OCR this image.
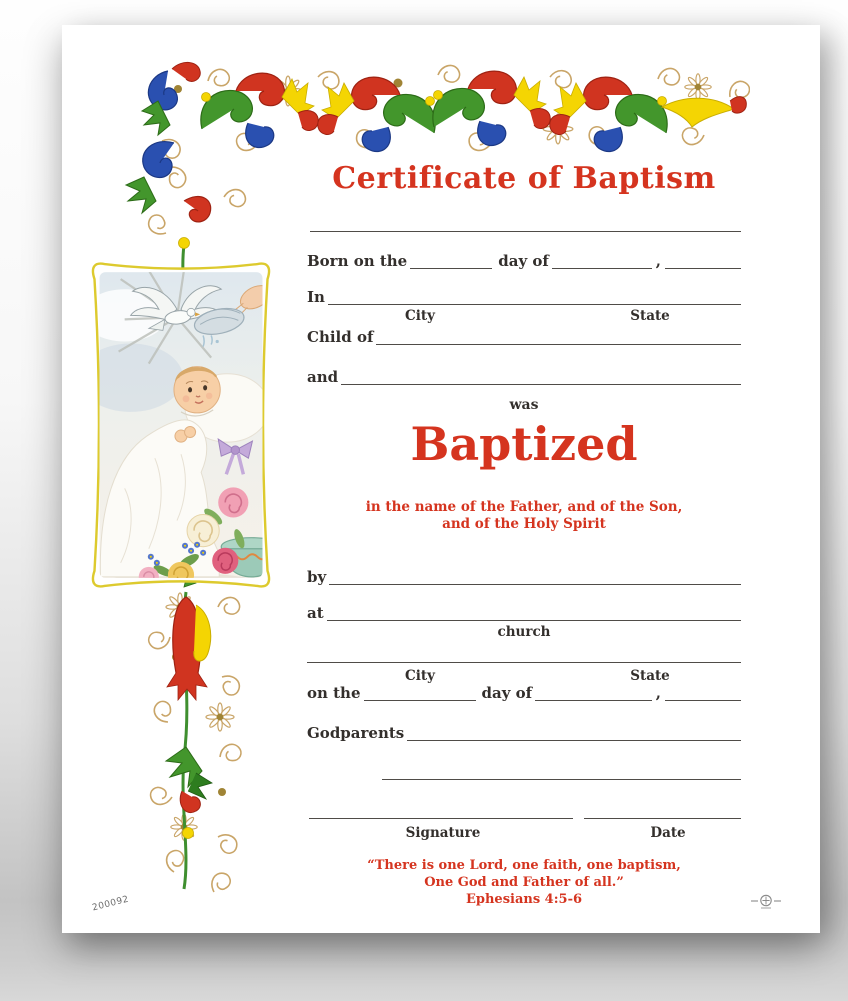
Certificate of Baptism
Born on the	day of	,
In
City	State
Child of
and
was
Baptized
in the name of the Father, and of the Son,
and of the Holy Spirit
by
at
church
City	State
on the	day of	,
Godparents
Signature	Date
“There is one Lord, one faith, one baptism,
One God and Father of all.”
Ephesians 4:5-6
200092
